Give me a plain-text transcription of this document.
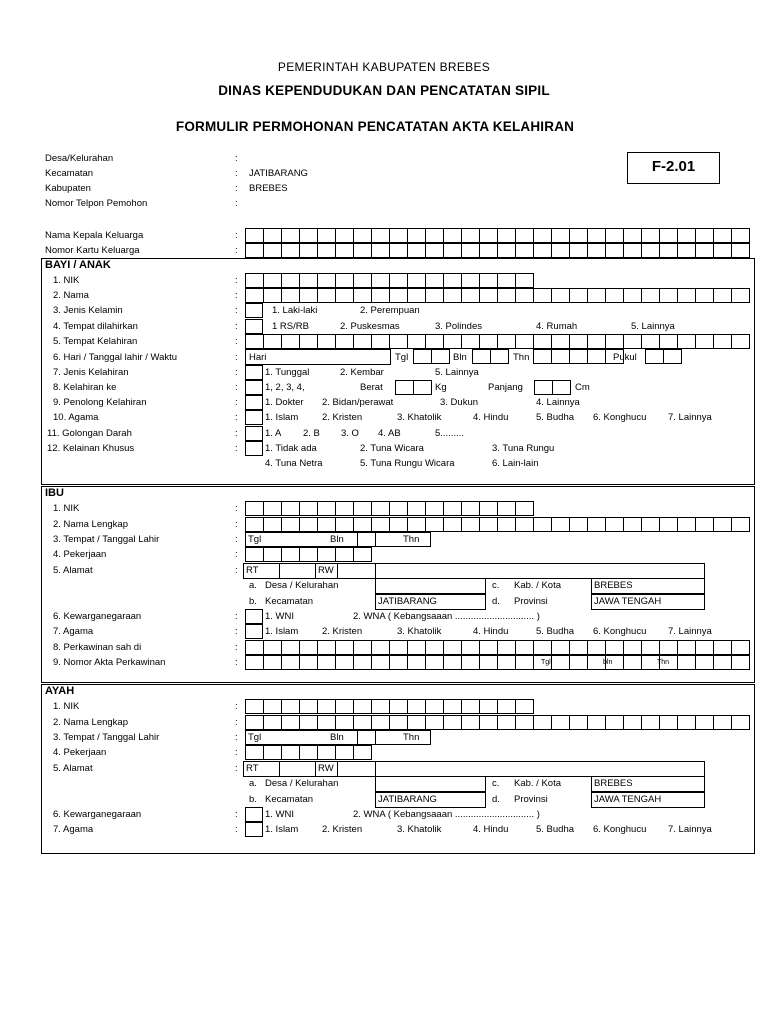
PEMERINTAH KABUPATEN BREBES
DINAS KEPENDUDUKAN DAN PENCATATAN SIPIL
FORMULIR PERMOHONAN PENCATATAN AKTA KELAHIRAN
F-2.01
Desa/Kelurahan	:
Kecamatan	: JATIBARANG
Kabupaten	: BREBES
Nomor Telpon Pemohon	:
Nama Kepala Keluarga	:
Nomor Kartu Keluarga	:
BAYI / ANAK
1. NIK	:
2. Nama	:
3. Jenis Kelamin	:	1. Laki-laki	2. Perempuan
4. Tempat dilahirkan	:	1 RS/RB	2. Puskesmas	3. Polindes	4. Rumah	5. Lainnya
5. Tempat Kelahiran	:
6. Hari / Tanggal lahir / Waktu	: Hari	Tgl	Bln	Thn	Pukul
7. Jenis Kelahiran	:	1. Tunggal	2. Kembar	5. Lainnya
8. Kelahiran ke	:	1, 2, 3, 4,	Berat	Kg	Panjang	Cm
9. Penolong Kelahiran	:	1. Dokter 2. Bidan/perawat	3. Dukun	4. Lainnya
10. Agama	:	1. Islam 2. Kristen	3. Khatolik	4. Hindu	5. Budha 6. Konghucu 7. Lainnya
11. Golongan Darah	:	1. A 2. B 3. O 4. AB	5.........
12. Kelainan Khusus	:	1. Tidak ada	2. Tuna Wicara	3. Tuna Rungu
4. Tuna Netra	5. Tuna Rungu Wicara	6. Lain-lain
IBU
1. NIK	:
2. Nama Lengkap	:
3. Tempat / Tanggal Lahir	: Tgl	Bln	Thn
4. Pekerjaan	:
5. Alamat	: RT	RW
a. Desa / Kelurahan	c. Kab. / Kota	BREBES
b. Kecamatan	JATIBARANG	d. Provinsi	JAWA TENGAH
6. Kewarganegaraan	:	1. WNI	2. WNA ( Kebangsaaan .............................. )
7. Agama	:	1. Islam 2. Kristen	3. Khatolik	4. Hindu	5. Budha 6. Konghucu 7. Lainnya
8. Perkawinan sah di	:
9. Nomor Akta Perkawinan	:	Tgl	bln	Thn
AYAH
1. NIK	:
2. Nama Lengkap	:
3. Tempat / Tanggal Lahir	: Tgl	Bln	Thn
4. Pekerjaan	:
5. Alamat	: RT	RW
a. Desa / Kelurahan	c. Kab. / Kota	BREBES
b. Kecamatan	JATIBARANG	d. Provinsi	JAWA TENGAH
6. Kewarganegaraan	:	1. WNI	2. WNA ( Kebangsaaan .............................. )
7. Agama	:	1. Islam 2. Kristen	3. Khatolik	4. Hindu	5. Budha 6. Konghucu 7. Lainnya
